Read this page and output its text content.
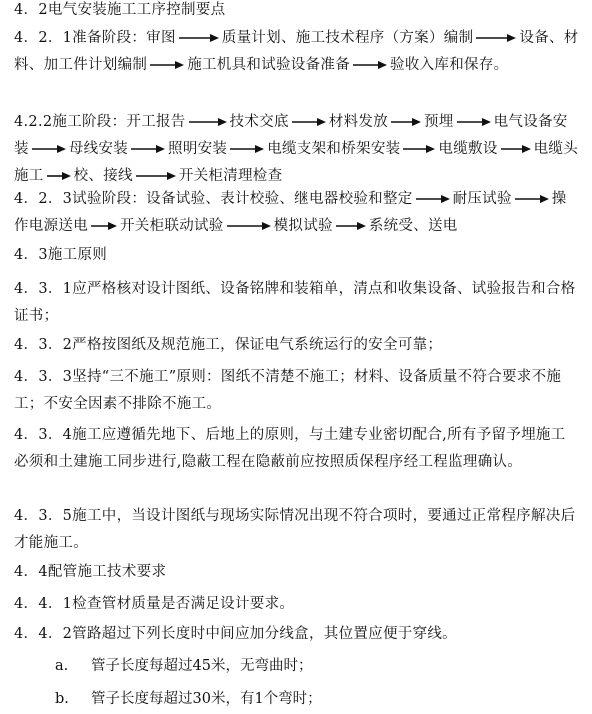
4．2电气安装施工工序控制要点

4．2．1准备阶段：审图	质量计划、施工技术程序（方案）编制	设备、材料、加工件计划编制	施工机具和试验设备准备	验收入库和保存。

4.2.2施工阶段：开工报告	技术交底	材料发放 预埋	电气设备安装	母线安装	照明安装	电缆支架和桥架安装	电缆敷设 电缆头施工 校、接线	开关柜清理检查

4．2．3试验阶段：设备试验、表计校验、继电器校验和整定	耐压试验	操作电源送电 开关柜联动试验	模拟试验 系统受、送电

4．3施工原则

4．3．1应严格核对设计图纸、设备铭牌和装箱单，清点和收集设备、试验报告和合格证书；

4．3．2严格按图纸及规范施工，保证电气系统运行的安全可靠；

4．3．3坚持“三不施工”原则：图纸不清楚不施工；材料、设备质量不符合要求不施工；不安全因素不排除不施工。

4．3．4施工应遵循先地下、后地上的原则，与土建专业密切配合,所有予留予埋施工必须和土建施工同步进行,隐蔽工程在隐蔽前应按照质保程序经工程监理确认。

4．3．5施工中，当设计图纸与现场实际情况出现不符合项时，要通过正常程序解决后才能施工。

4．4配管施工技术要求

4．4．1检查管材质量是否满足设计要求。

4．4．2管路超过下列长度时中间应加分线盒，其位置应便于穿线。

a. 管子长度每超过45米，无弯曲时；
b. 管子长度每超过30米，有1个弯时；
